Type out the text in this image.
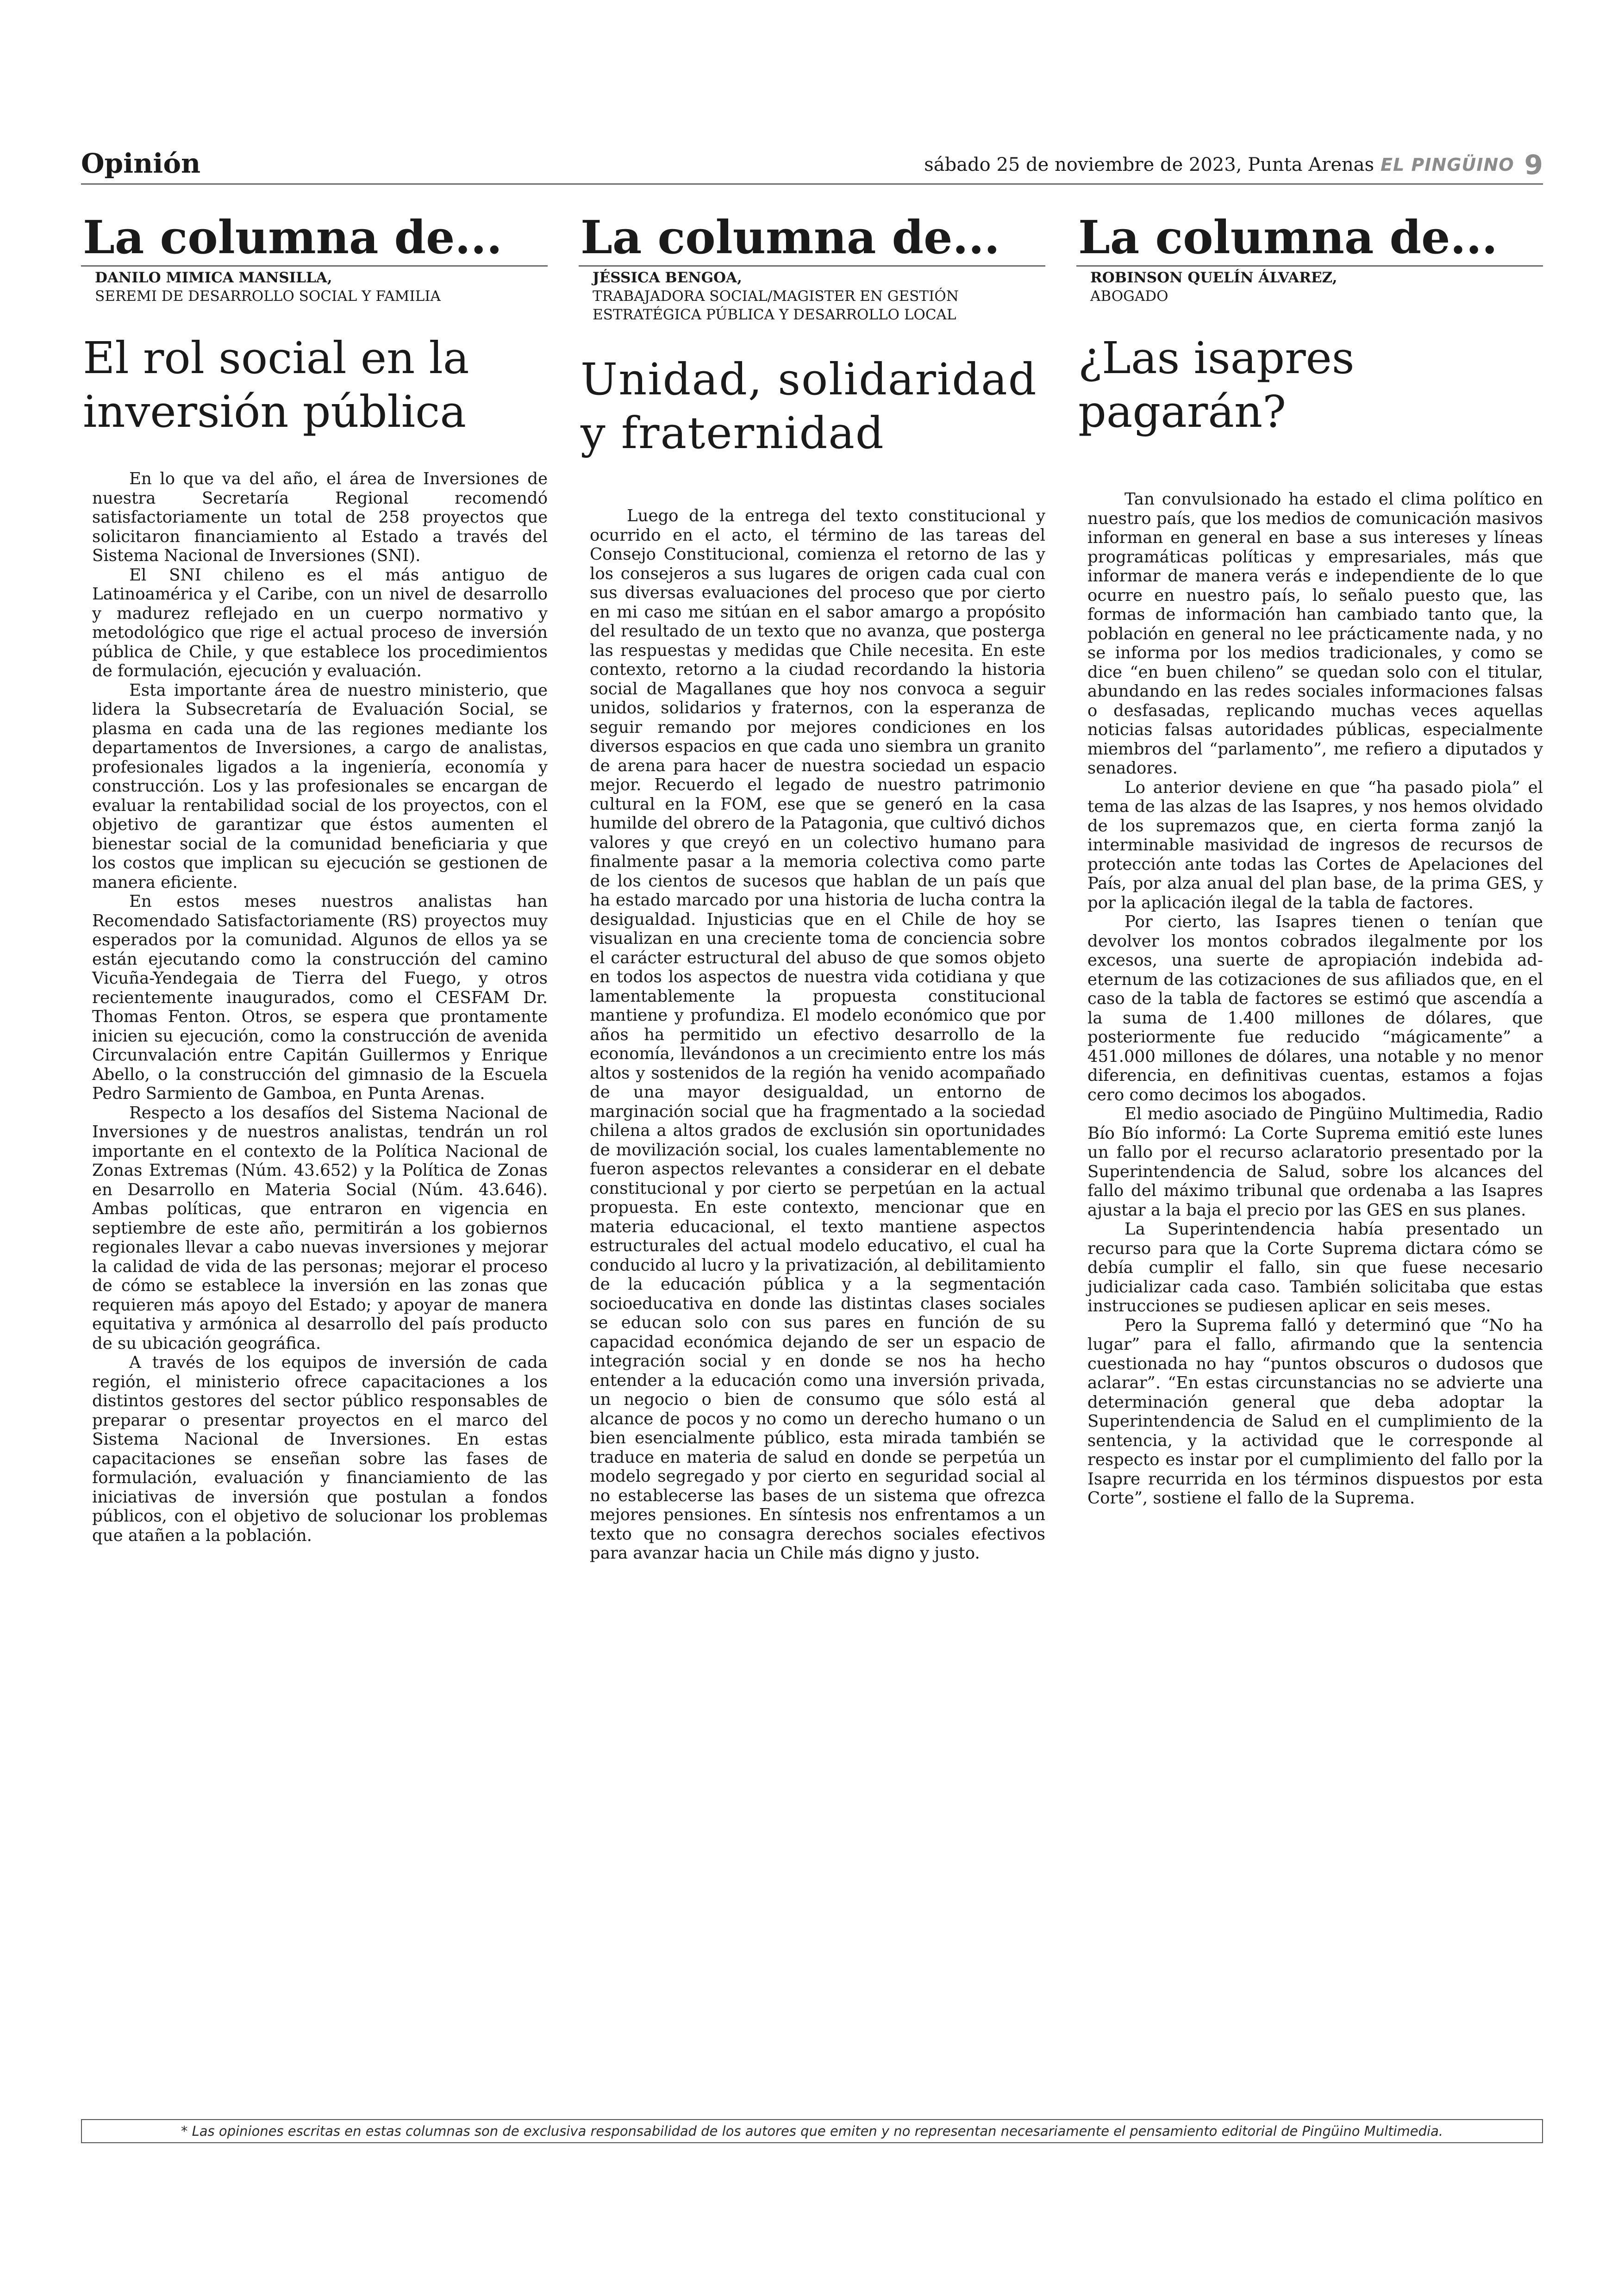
Opinión	sábado 25 de noviembre de 2023, Punta Arenas EL PINGÜINO 9
La columna de...
DANILO MIMICA MANSILLA,
SEREMI DE DESARROLLO SOCIAL Y FAMILIA
El rol social en la inversión pública

En lo que va del año, el área de Inversiones de nuestra Secretaría Regional recomendó satisfactoriamente un total de 258 proyectos que solicitaron financiamiento al Estado a través del Sistema Nacional de Inversiones (SNI).

El SNI chileno es el más antiguo de Latinoamérica y el Caribe, con un nivel de desarrollo y madurez reflejado en un cuerpo normativo y metodológico que rige el actual proceso de inversión pública de Chile, y que establece los procedimientos de formulación, ejecución y evaluación.

Esta importante área de nuestro ministerio, que lidera la Subsecretaría de Evaluación Social, se plasma en cada una de las regiones mediante los departamentos de Inversiones, a cargo de analistas, profesionales ligados a la ingeniería, economía y construcción. Los y las profesionales se encargan de evaluar la rentabilidad social de los proyectos, con el objetivo de garantizar que éstos aumenten el bienestar social de la comunidad beneficiaria y que los costos que implican su ejecución se gestionen de manera eficiente.

En estos meses nuestros analistas han Recomendado Satisfactoriamente (RS) proyectos muy esperados por la comunidad. Algunos de ellos ya se están ejecutando como la construcción del camino Vicuña-Yendegaia de Tierra del Fuego, y otros recientemente inaugurados, como el CESFAM Dr. Thomas Fenton. Otros, se espera que prontamente inicien su ejecución, como la construcción de avenida Circunvalación entre Capitán Guillermos y Enrique Abello, o la construcción del gimnasio de la Escuela Pedro Sarmiento de Gamboa, en Punta Arenas.

Respecto a los desafíos del Sistema Nacional de Inversiones y de nuestros analistas, tendrán un rol importante en el contexto de la Política Nacional de Zonas Extremas (Núm. 43.652) y la Política de Zonas en Desarrollo en Materia Social (Núm. 43.646). Ambas políticas, que entraron en vigencia en septiembre de este año, permitirán a los gobiernos regionales llevar a cabo nuevas inversiones y mejorar la calidad de vida de las personas; mejorar el proceso de cómo se establece la inversión en las zonas que requieren más apoyo del Estado; y apoyar de manera equitativa y armónica al desarrollo del país producto de su ubicación geográfica.

A través de los equipos de inversión de cada región, el ministerio ofrece capacitaciones a los distintos gestores del sector público responsables de preparar o presentar proyectos en el marco del Sistema Nacional de Inversiones. En estas capacitaciones se enseñan sobre las fases de formulación, evaluación y financiamiento de las iniciativas de inversión que postulan a fondos públicos, con el objetivo de solucionar los problemas que atañen a la población.

La columna de...
JÉSSICA BENGOA,
TRABAJADORA SOCIAL/MAGISTER EN GESTIÓN
ESTRATÉGICA PÚBLICA Y DESARROLLO LOCAL
Unidad, solidaridad y fraternidad

Luego de la entrega del texto constitucional y ocurrido en el acto, el término de las tareas del Consejo Constitucional, comienza el retorno de las y los consejeros a sus lugares de origen cada cual con sus diversas evaluaciones del proceso que por cierto en mi caso me sitúan en el sabor amargo a propósito del resultado de un texto que no avanza, que posterga las respuestas y medidas que Chile necesita. En este contexto, retorno a la ciudad recordando la historia social de Magallanes que hoy nos convoca a seguir unidos, solidarios y fraternos, con la esperanza de seguir remando por mejores condiciones en los diversos espacios en que cada uno siembra un granito de arena para hacer de nuestra sociedad un espacio mejor. Recuerdo el legado de nuestro patrimonio cultural en la FOM, ese que se generó en la casa humilde del obrero de la Patagonia, que cultivó dichos valores y que creyó en un colectivo humano para finalmente pasar a la memoria colectiva como parte de los cientos de sucesos que hablan de un país que ha estado marcado por una historia de lucha contra la desigualdad. Injusticias que en el Chile de hoy se visualizan en una creciente toma de conciencia sobre el carácter estructural del abuso de que somos objeto en todos los aspectos de nuestra vida cotidiana y que lamentablemente la propuesta constitucional mantiene y profundiza. El modelo económico que por años ha permitido un efectivo desarrollo de la economía, llevándonos a un crecimiento entre los más altos y sostenidos de la región ha venido acompañado de una mayor desigualdad, un entorno de marginación social que ha fragmentado a la sociedad chilena a altos grados de exclusión sin oportunidades de movilización social, los cuales lamentablemente no fueron aspectos relevantes a considerar en el debate constitucional y por cierto se perpetúan en la actual propuesta. En este contexto, mencionar que en materia educacional, el texto mantiene aspectos estructurales del actual modelo educativo, el cual ha conducido al lucro y la privatización, al debilitamiento de la educación pública y a la segmentación socioeducativa en donde las distintas clases sociales se educan solo con sus pares en función de su capacidad económica dejando de ser un espacio de integración social y en donde se nos ha hecho entender a la educación como una inversión privada, un negocio o bien de consumo que sólo está al alcance de pocos y no como un derecho humano o un bien esencialmente público, esta mirada también se traduce en materia de salud en donde se perpetúa un modelo segregado y por cierto en seguridad social al no establecerse las bases de un sistema que ofrezca mejores pensiones. En síntesis nos enfrentamos a un texto que no consagra derechos sociales efectivos para avanzar hacia un Chile más digno y justo.

La columna de...
ROBINSON QUELÍN ÁLVAREZ,
ABOGADO
¿Las isapres pagarán?

Tan convulsionado ha estado el clima político en nuestro país, que los medios de comunicación masivos informan en general en base a sus intereses y líneas programáticas políticas y empresariales, más que informar de manera verás e independiente de lo que ocurre en nuestro país, lo señalo puesto que, las formas de información han cambiado tanto que, la población en general no lee prácticamente nada, y no se informa por los medios tradicionales, y como se dice “en buen chileno” se quedan solo con el titular, abundando en las redes sociales informaciones falsas o desfasadas, replicando muchas veces aquellas noticias falsas autoridades públicas, especialmente miembros del “parlamento”, me refiero a diputados y senadores.

Lo anterior deviene en que “ha pasado piola” el tema de las alzas de las Isapres, y nos hemos olvidado de los supremazos que, en cierta forma zanjó la interminable masividad de ingresos de recursos de protección ante todas las Cortes de Apelaciones del País, por alza anual del plan base, de la prima GES, y por la aplicación ilegal de la tabla de factores.

Por cierto, las Isapres tienen o tenían que devolver los montos cobrados ilegalmente por los excesos, una suerte de apropiación indebida ad-eternum de las cotizaciones de sus afiliados que, en el caso de la tabla de factores se estimó que ascendía a la suma de 1.400 millones de dólares, que posteriormente fue reducido “mágicamente” a 451.000 millones de dólares, una notable y no menor diferencia, en definitivas cuentas, estamos a fojas cero como decimos los abogados.

El medio asociado de Pingüino Multimedia, Radio Bío Bío informó: La Corte Suprema emitió este lunes un fallo por el recurso aclaratorio presentado por la Superintendencia de Salud, sobre los alcances del fallo del máximo tribunal que ordenaba a las Isapres ajustar a la baja el precio por las GES en sus planes.

La Superintendencia había presentado un recurso para que la Corte Suprema dictara cómo se debía cumplir el fallo, sin que fuese necesario judicializar cada caso. También solicitaba que estas instrucciones se pudiesen aplicar en seis meses.

Pero la Suprema falló y determinó que “No ha lugar” para el fallo, afirmando que la sentencia cuestionada no hay “puntos obscuros o dudosos que aclarar”. “En estas circunstancias no se advierte una determinación general que deba adoptar la Superintendencia de Salud en el cumplimiento de la sentencia, y la actividad que le corresponde al respecto es instar por el cumplimiento del fallo por la Isapre recurrida en los términos dispuestos por esta Corte”, sostiene el fallo de la Suprema.

* Las opiniones escritas en estas columnas son de exclusiva responsabilidad de los autores que emiten y no representan necesariamente el pensamiento editorial de Pingüino Multimedia.
